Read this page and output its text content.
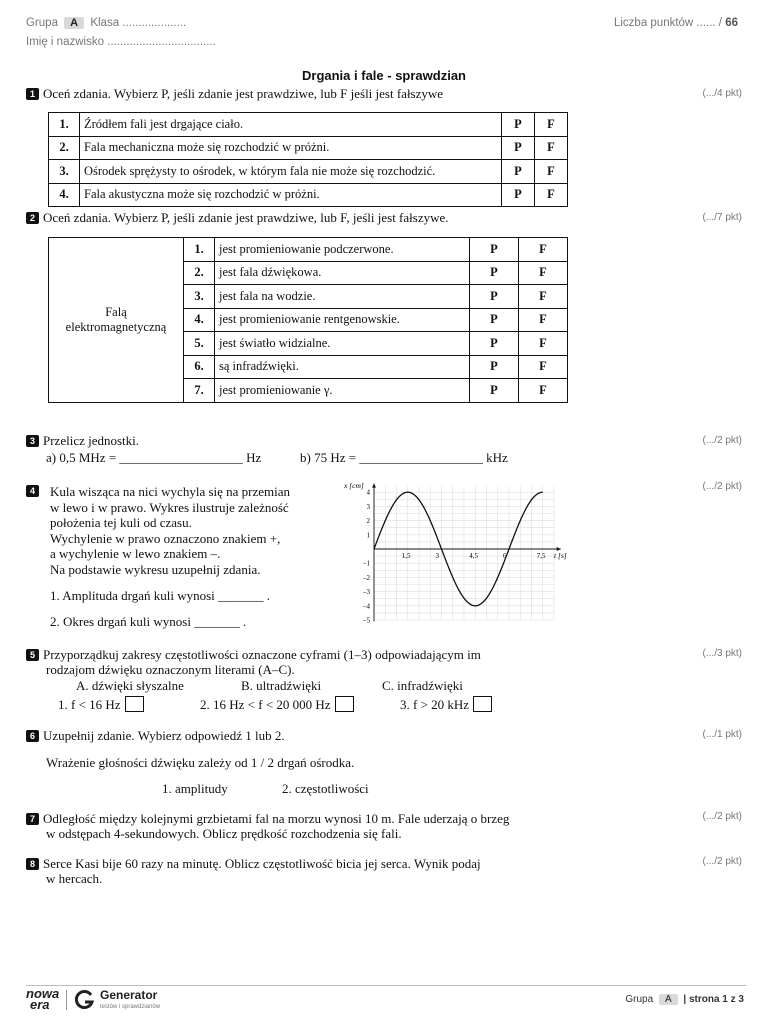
Grupa A Klasa ....................
Imię i nazwisko ..................................
Liczba punktów ...... / 66
Drgania i fale - sprawdzian
1 Oceń zdania. Wybierz P, jeśli zdanie jest prawdziwe, lub F jeśli jest fałszywe	(.../4 pkt)
1.	Źródłem fali jest drgające ciało.	P	F
2.	Fala mechaniczna może się rozchodzić w próżni.	P	F
3.	Ośrodek sprężysty to ośrodek, w którym fala nie może się rozchodzić.	P	F
4.	Fala akustyczna może się rozchodzić w próżni.	P	F
2 Oceń zdania. Wybierz P, jeśli zdanie jest prawdziwe, lub F, jeśli jest fałszywe.	(.../7 pkt)
Falą
elektromagnetyczną	1.	jest promieniowanie podczerwone.	P	F
	2.	jest fala dźwiękowa.	P	F
	3.	jest fala na wodzie.	P	F
	4.	jest promieniowanie rentgenowskie.	P	F
	5.	jest światło widzialne.	P	F
	6.	są infradźwięki.	P	F
	7.	jest promieniowanie γ.	P	F
3 Przelicz jednostki.	(.../2 pkt)
a) 0,5 MHz = ___________________ Hz	b) 75 Hz = ___________________ kHz
4	(.../2 pkt)
Kula wisząca na nici wychyla się na przemian
w lewo i w prawo. Wykres ilustruje zależność
położenia tej kuli od czasu.
Wychylenie w prawo oznaczono znakiem +,
a wychylenie w lewo znakiem –.
Na podstawie wykresu uzupełnij zdania.
1. Amplituda drgań kuli wynosi _______ .
2. Okres drgań kuli wynosi _______ .
1,5	3	4,5	6	7,5
4
3
2
1
–1
–2
–3
–4
–5
x [cm]
t [s]
5 Przyporządkuj zakresy częstotliwości oznaczone cyframi (1–3) odpowiadającym im	(.../3 pkt)
rodzajom dźwięku oznaczonym literami (A–C).
A. dźwięki słyszalne	B. ultradźwięki	C. infradźwięki
1. f < 16 Hz	2. 16 Hz < f < 20 000 Hz	3. f > 20 kHz
6 Uzupełnij zdanie. Wybierz odpowiedź 1 lub 2.	(.../1 pkt)
Wrażenie głośności dźwięku zależy od 1 / 2 drgań ośrodka.
1. amplitudy	2. częstotliwości
7 Odległość między kolejnymi grzbietami fal na morzu wynosi 10 m. Fale uderzają o brzeg	(.../2 pkt)
w odstępach 4-sekundowych. Oblicz prędkość rozchodzenia się fali.
8 Serce Kasi bije 60 razy na minutę. Oblicz częstotliwość bicia jej serca. Wynik podaj	(.../2 pkt)
w hercach.
nowa
era
Generator
testów i sprawdzianów
Grupa A | strona 1 z 3
